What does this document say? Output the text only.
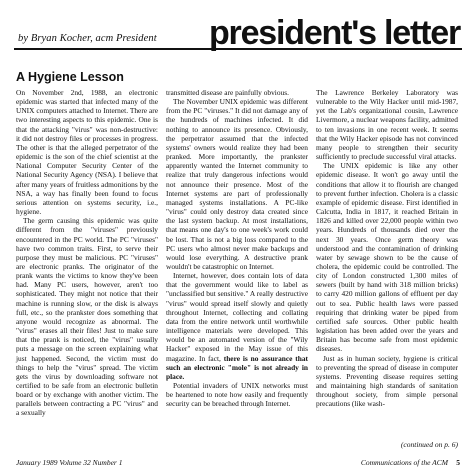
by Bryan Kocher, acm President president's letter
A Hygiene Lesson

On November 2nd, 1988, an electronic epidemic was started that infected many of the UNIX computers attached to Internet. There are two interesting aspects to this epidemic. One is that the attacking "virus" was non-destructive: it did not destroy files or processes in progress. The other is that the alleged perpetrator of the epidemic is the son of the chief scientist at the National Computer Security Center of the National Security Agency (NSA). I believe that after many years of fruitless admonitions by the NSA, a way has finally been found to focus serious attention on systems security, i.e., hygiene.

The germ causing this epidemic was quite different from the "viruses" previously encountered in the PC world. The PC "viruses" have two common traits. First, to serve their purpose they must be malicious. PC "viruses" are electronic pranks. The originator of the prank wants the victims to know they've been had. Many PC users, however, aren't too sophisticated. They might not notice that their machine is running slow, or the disk is always full, etc., so the prankster does something that anyone would recognize as abnormal. The "virus" erases all their files! Just to make sure that the prank is noticed, the "virus" usually puts a message on the screen explaining what just happened. Second, the victim must do things to help the "virus" spread. The victim gets the virus by downloading software not certified to be safe from an electronic bulletin board or by exchange with another victim. The parallels between contracting a PC "virus" and a sexually

transmitted disease are painfully obvious.

The November UNIX epidemic was different from the PC "viruses." It did not damage any of the hundreds of machines infected. It did nothing to announce its presence. Obviously, the perpetrator assumed that the infected systems' owners would realize they had been pranked. More importantly, the prankster apparently wanted the Internet community to realize that truly dangerous infections would not announce their presence. Most of the Internet systems are part of professionally managed systems installations. A PC-like "virus" could only destroy data created since the last system backup. At most installations, that means one day's to one week's work could be lost. That is not a big loss compared to the PC users who almost never make backups and would lose everything. A destructive prank wouldn't be catastrophic on Internet.

Internet, however, does contain lots of data that the government would like to label as "unclassified but sensitive." A really destructive "virus" would spread itself slowly and quietly throughout Internet, collecting and collating data from the entire network until worthwhile intelligence materials were developed. This would be an automated version of the "Wily Hacker" exposed in the May issue of this magazine. In fact, there is no assurance that such an electronic "mole" is not already in place.

Potential invaders of UNIX networks must be heartened to note how easily and frequently security can be breached through Internet.

The Lawrence Berkeley Laboratory was vulnerable to the Wily Hacker until mid-1987, yet the Lab's organizational cousin, Lawrence Livermore, a nuclear weapons facility, admitted to ten invasions in one recent week. It seems that the Wily Hacker episode has not convinced many people to strengthen their security sufficiently to preclude successful viral attacks.

The UNIX epidemic is like any other epidemic disease. It won't go away until the conditions that allow it to flourish are changed to prevent further infection. Cholera is a classic example of epidemic disease. First identified in Calcutta, India in 1817, it reached Britain in 1826 and killed over 22,000 people within two years. Hundreds of thousands died over the next 30 years. Once germ theory was understood and the contamination of drinking water by sewage shown to be the cause of cholera, the epidemic could be controlled. The city of London constructed 1,300 miles of sewers (built by hand with 318 million bricks) to carry 420 million gallons of effluent per day out to sea. Public health laws were passed requiring that drinking water be piped from certified safe sources. Other public health legislation has been added over the years and Britain has become safe from most epidemic diseases.

Just as in human society, hygiene is critical to preventing the spread of disease in computer systems. Preventing disease requires setting and maintaining high standards of sanitation throughout society, from simple personal precautions (like wash-

(continued on p. 6)
January 1989 Volume 32 Number 1	Communications of the ACM 5
